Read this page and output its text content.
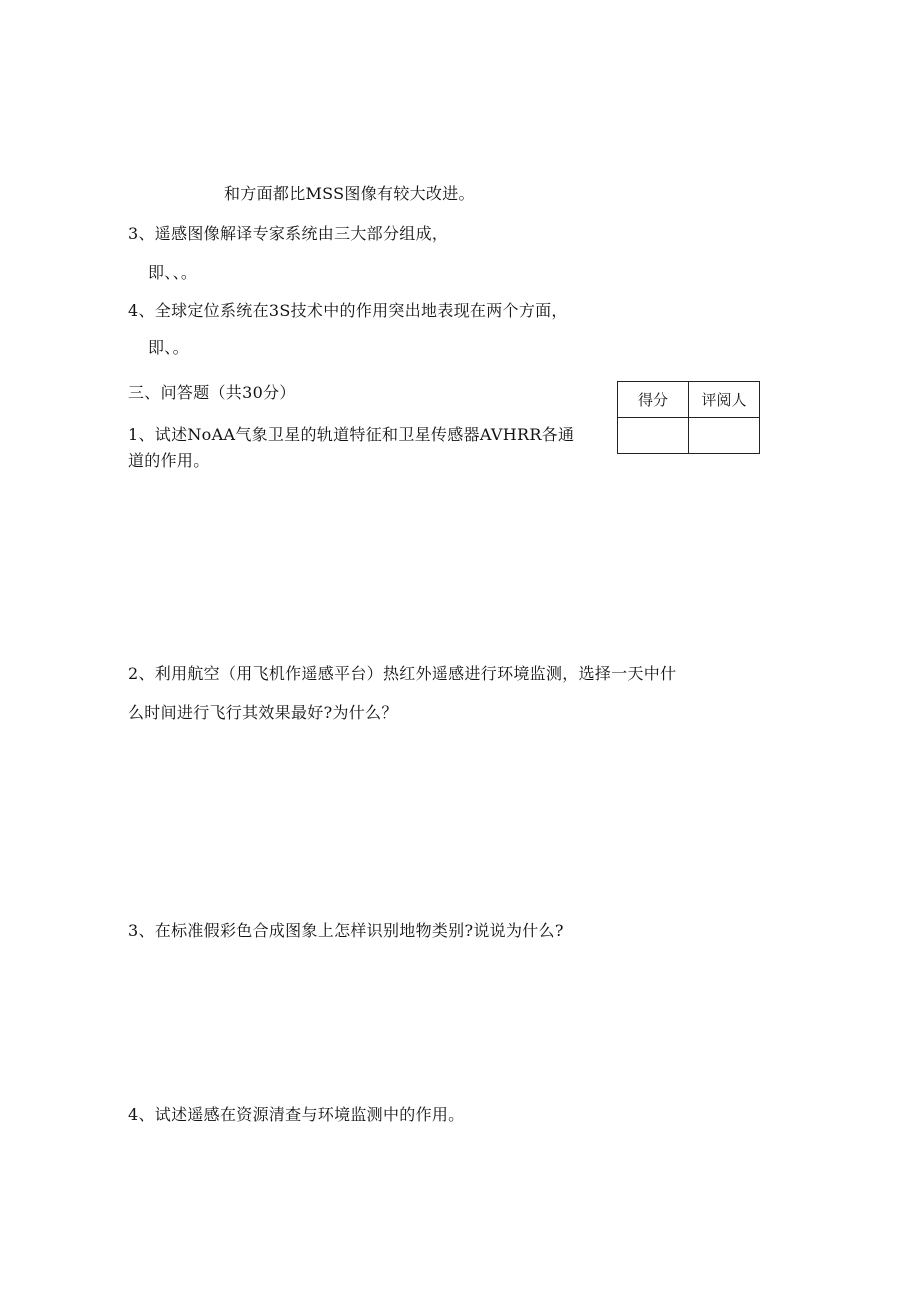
和方面都比MSS图像有较大改进。
3、遥感图像解译专家系统由三大部分组成，
即、、。
4、全球定位系统在3S技术中的作用突出地表现在两个方面，
即、。
三、问答题（共30分）	得分	评阅人

1、试述NoAA气象卫星的轨道特征和卫星传感器AVHRR各通
道的作用。
2、利用航空（用飞机作遥感平台）热红外遥感进行环境监测，选择一天中什
么时间进行飞行其效果最好?为什么？
3、在标准假彩色合成图象上怎样识别地物类别?说说为什么?
4、试述遥感在资源清查与环境监测中的作用。
